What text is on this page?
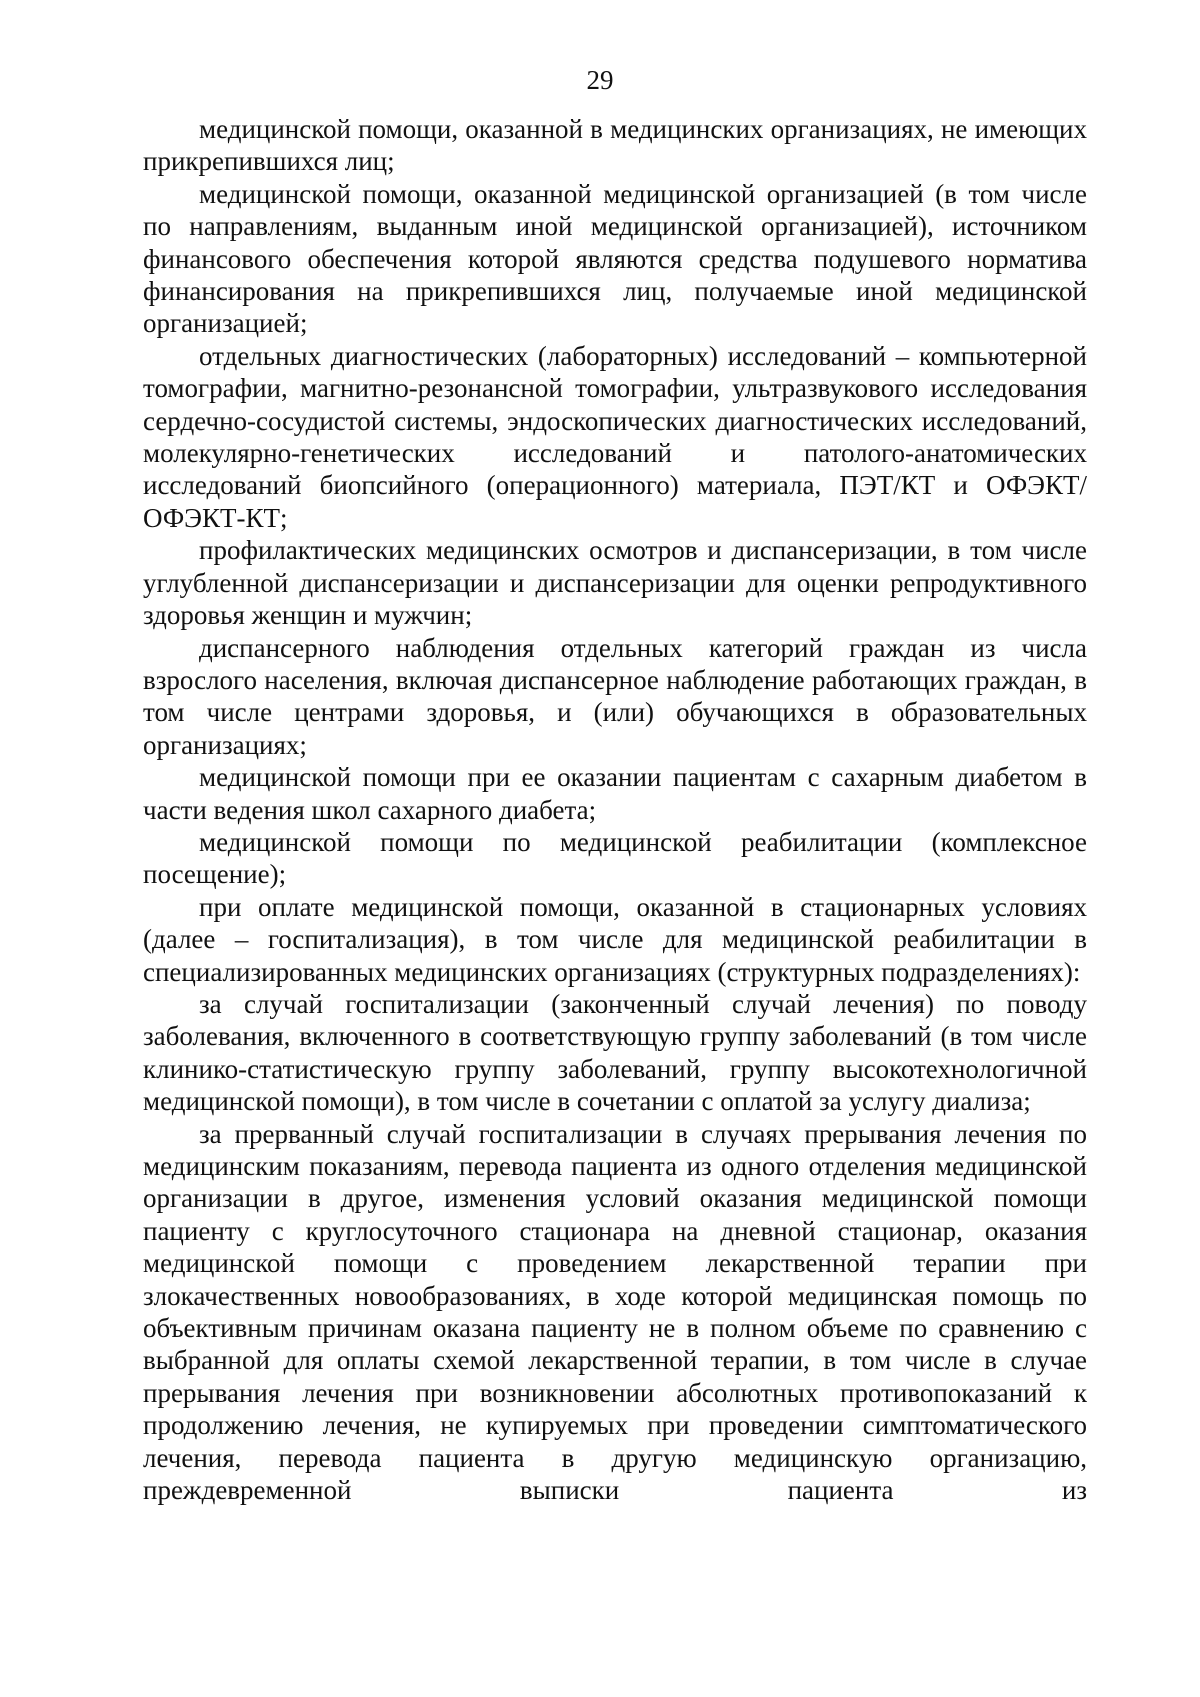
29

медицинской помощи, оказанной в медицинских организациях, не имеющих прикрепившихся лиц;

медицинской помощи, оказанной медицинской организацией (в том числе по направлениям, выданным иной медицинской организацией), источником финансового обеспечения которой являются средства подушевого норматива финансирования на прикрепившихся лиц, получаемые иной медицинской организацией;

отдельных диагностических (лабораторных) исследований – компьютерной томографии, магнитно-резонансной томографии, ультразвукового исследования сердечно-сосудистой системы, эндоскопических диагностических исследований, молекулярно-генетических исследований и патолого-анатомических исследований биопсийного (операционного) материала, ПЭТ/КТ и ОФЭКТ/ОФЭКТ-КТ;

профилактических медицинских осмотров и диспансеризации, в том числе углубленной диспансеризации и диспансеризации для оценки репродуктивного здоровья женщин и мужчин;

диспансерного наблюдения отдельных категорий граждан из числа взрослого населения, включая диспансерное наблюдение работающих граждан, в том числе центрами здоровья, и (или) обучающихся в образовательных организациях;

медицинской помощи при ее оказании пациентам с сахарным диабетом в части ведения школ сахарного диабета;

медицинской помощи по медицинской реабилитации (комплексное посещение);

при оплате медицинской помощи, оказанной в стационарных условиях (далее – госпитализация), в том числе для медицинской реабилитации в специализированных медицинских организациях (структурных подразделениях):

за случай госпитализации (законченный случай лечения) по поводу заболевания, включенного в соответствующую группу заболеваний (в том числе клинико-статистическую группу заболеваний, группу высокотехнологичной медицинской помощи), в том числе в сочетании с оплатой за услугу диализа;

за прерванный случай госпитализации в случаях прерывания лечения по медицинским показаниям, перевода пациента из одного отделения медицинской организации в другое, изменения условий оказания медицинской помощи пациенту с круглосуточного стационара на дневной стационар, оказания медицинской помощи с проведением лекарственной терапии при злокачественных новообразованиях, в ходе которой медицинская помощь по объективным причинам оказана пациенту не в полном объеме по сравнению с выбранной для оплаты схемой лекарственной терапии, в том числе в случае прерывания лечения при возникновении абсолютных противопоказаний к продолжению лечения, не купируемых при проведении симптоматического лечения, перевода пациента в другую медицинскую организацию, преждевременной выписки пациента из
